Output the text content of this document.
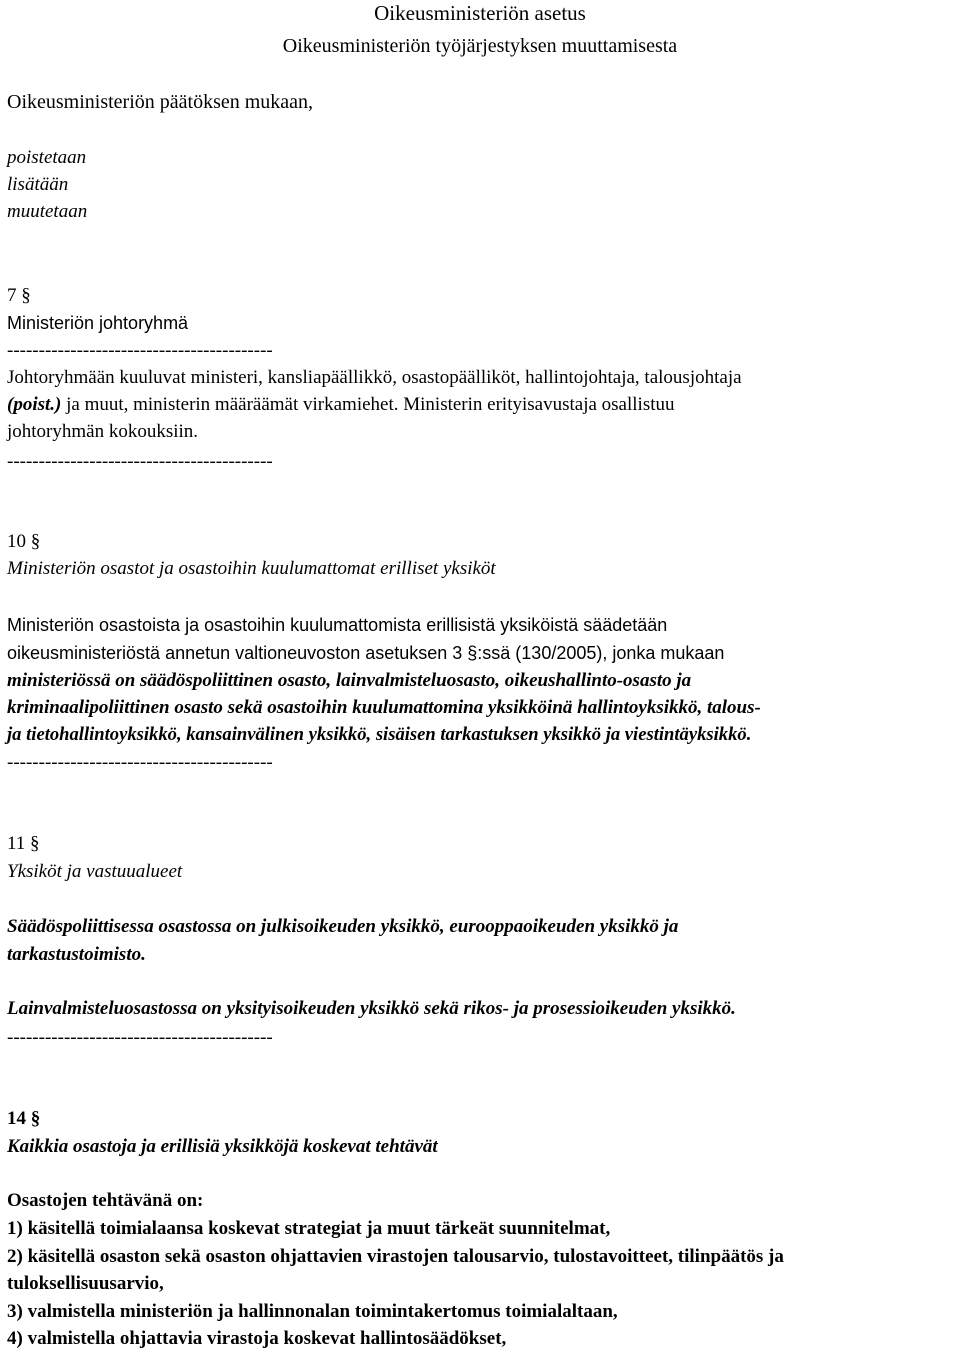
Oikeusministeriön asetus
Oikeusministeriön työjärjestyksen muuttamisesta
Oikeusministeriön päätöksen mukaan,
poistetaan
lisätään
muutetaan
7 §
Ministeriön johtoryhmä
------------------------------------------
Johtoryhmään kuuluvat ministeri, kansliapäällikkö, osastopäälliköt, hallintojohtaja, talousjohtaja
(poist.) ja muut, ministerin määräämät virkamiehet. Ministerin erityisavustaja osallistuu
johtoryhmän kokouksiin.
------------------------------------------
10 §
Ministeriön osastot ja osastoihin kuulumattomat erilliset yksiköt
Ministeriön osastoista ja osastoihin kuulumattomista erillisistä yksiköistä säädetään
oikeusministeriöstä annetun valtioneuvoston asetuksen 3 §:ssä (130/2005), jonka mukaan
ministeriössä on säädöspoliittinen osasto, lainvalmisteluosasto, oikeushallinto-osasto ja
kriminaalipoliittinen osasto sekä osastoihin kuulumattomina yksikköinä hallintoyksikkö, talous-
ja tietohallintoyksikkö, kansainvälinen yksikkö, sisäisen tarkastuksen yksikkö ja viestintäyksikkö.
------------------------------------------
11 §
Yksiköt ja vastuualueet
Säädöspoliittisessa osastossa on julkisoikeuden yksikkö, eurooppaoikeuden yksikkö ja
tarkastustoimisto.
Lainvalmisteluosastossa on yksityisoikeuden yksikkö sekä rikos- ja prosessioikeuden yksikkö.
------------------------------------------
14 §
Kaikkia osastoja ja erillisiä yksikköjä koskevat tehtävät
Osastojen tehtävänä on:
1) käsitellä toimialaansa koskevat strategiat ja muut tärkeät suunnitelmat,
2) käsitellä osaston sekä osaston ohjattavien virastojen talousarvio, tulostavoitteet, tilinpäätös ja
tuloksellisuusarvio,
3) valmistella ministeriön ja hallinnonalan toimintakertomus toimialaltaan,
4) valmistella ohjattavia virastoja koskevat hallintosäädökset,
